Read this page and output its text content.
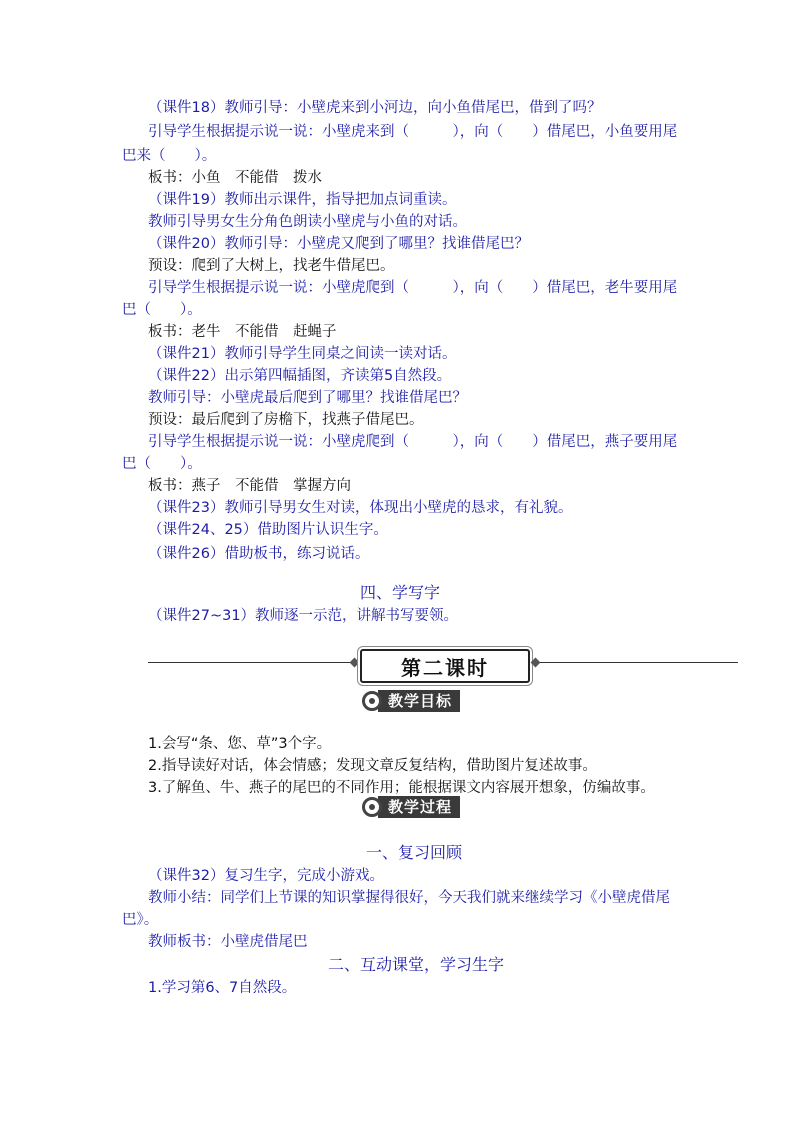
（课件18）教师引导：小壁虎来到小河边，向小鱼借尾巴，借到了吗？
引导学生根据提示说一说：小壁虎来到（　　　），向（　　）借尾巴，小鱼要用尾
巴来（　　）。
板书：小鱼　不能借　拨水
（课件19）教师出示课件，指导把加点词重读。
教师引导男女生分角色朗读小壁虎与小鱼的对话。
（课件20）教师引导：小壁虎又爬到了哪里？找谁借尾巴？
预设：爬到了大树上，找老牛借尾巴。
引导学生根据提示说一说：小壁虎爬到（　　　），向（　　）借尾巴，老牛要用尾
巴（　　）。
板书：老牛　不能借　赶蝇子
（课件21）教师引导学生同桌之间读一读对话。
（课件22）出示第四幅插图，齐读第5自然段。
教师引导：小壁虎最后爬到了哪里？找谁借尾巴？
预设：最后爬到了房檐下，找燕子借尾巴。
引导学生根据提示说一说：小壁虎爬到（　　　），向（　　）借尾巴，燕子要用尾
巴（　　）。
板书：燕子　不能借　掌握方向
（课件23）教师引导男女生对读，体现出小壁虎的恳求，有礼貌。
（课件24、25）借助图片认识生字。
（课件26）借助板书，练习说话。
四、学写字
（课件27~31）教师逐一示范，讲解书写要领。
第二课时
教学目标
1.会写“条、您、草”3个字。
2.指导读好对话，体会情感；发现文章反复结构，借助图片复述故事。
3.了解鱼、牛、燕子的尾巴的不同作用；能根据课文内容展开想象，仿编故事。
教学过程
一、复习回顾
（课件32）复习生字，完成小游戏。
教师小结：同学们上节课的知识掌握得很好，今天我们就来继续学习《小壁虎借尾
巴》。
教师板书：小壁虎借尾巴
二、互动课堂，学习生字
1.学习第6、7自然段。
